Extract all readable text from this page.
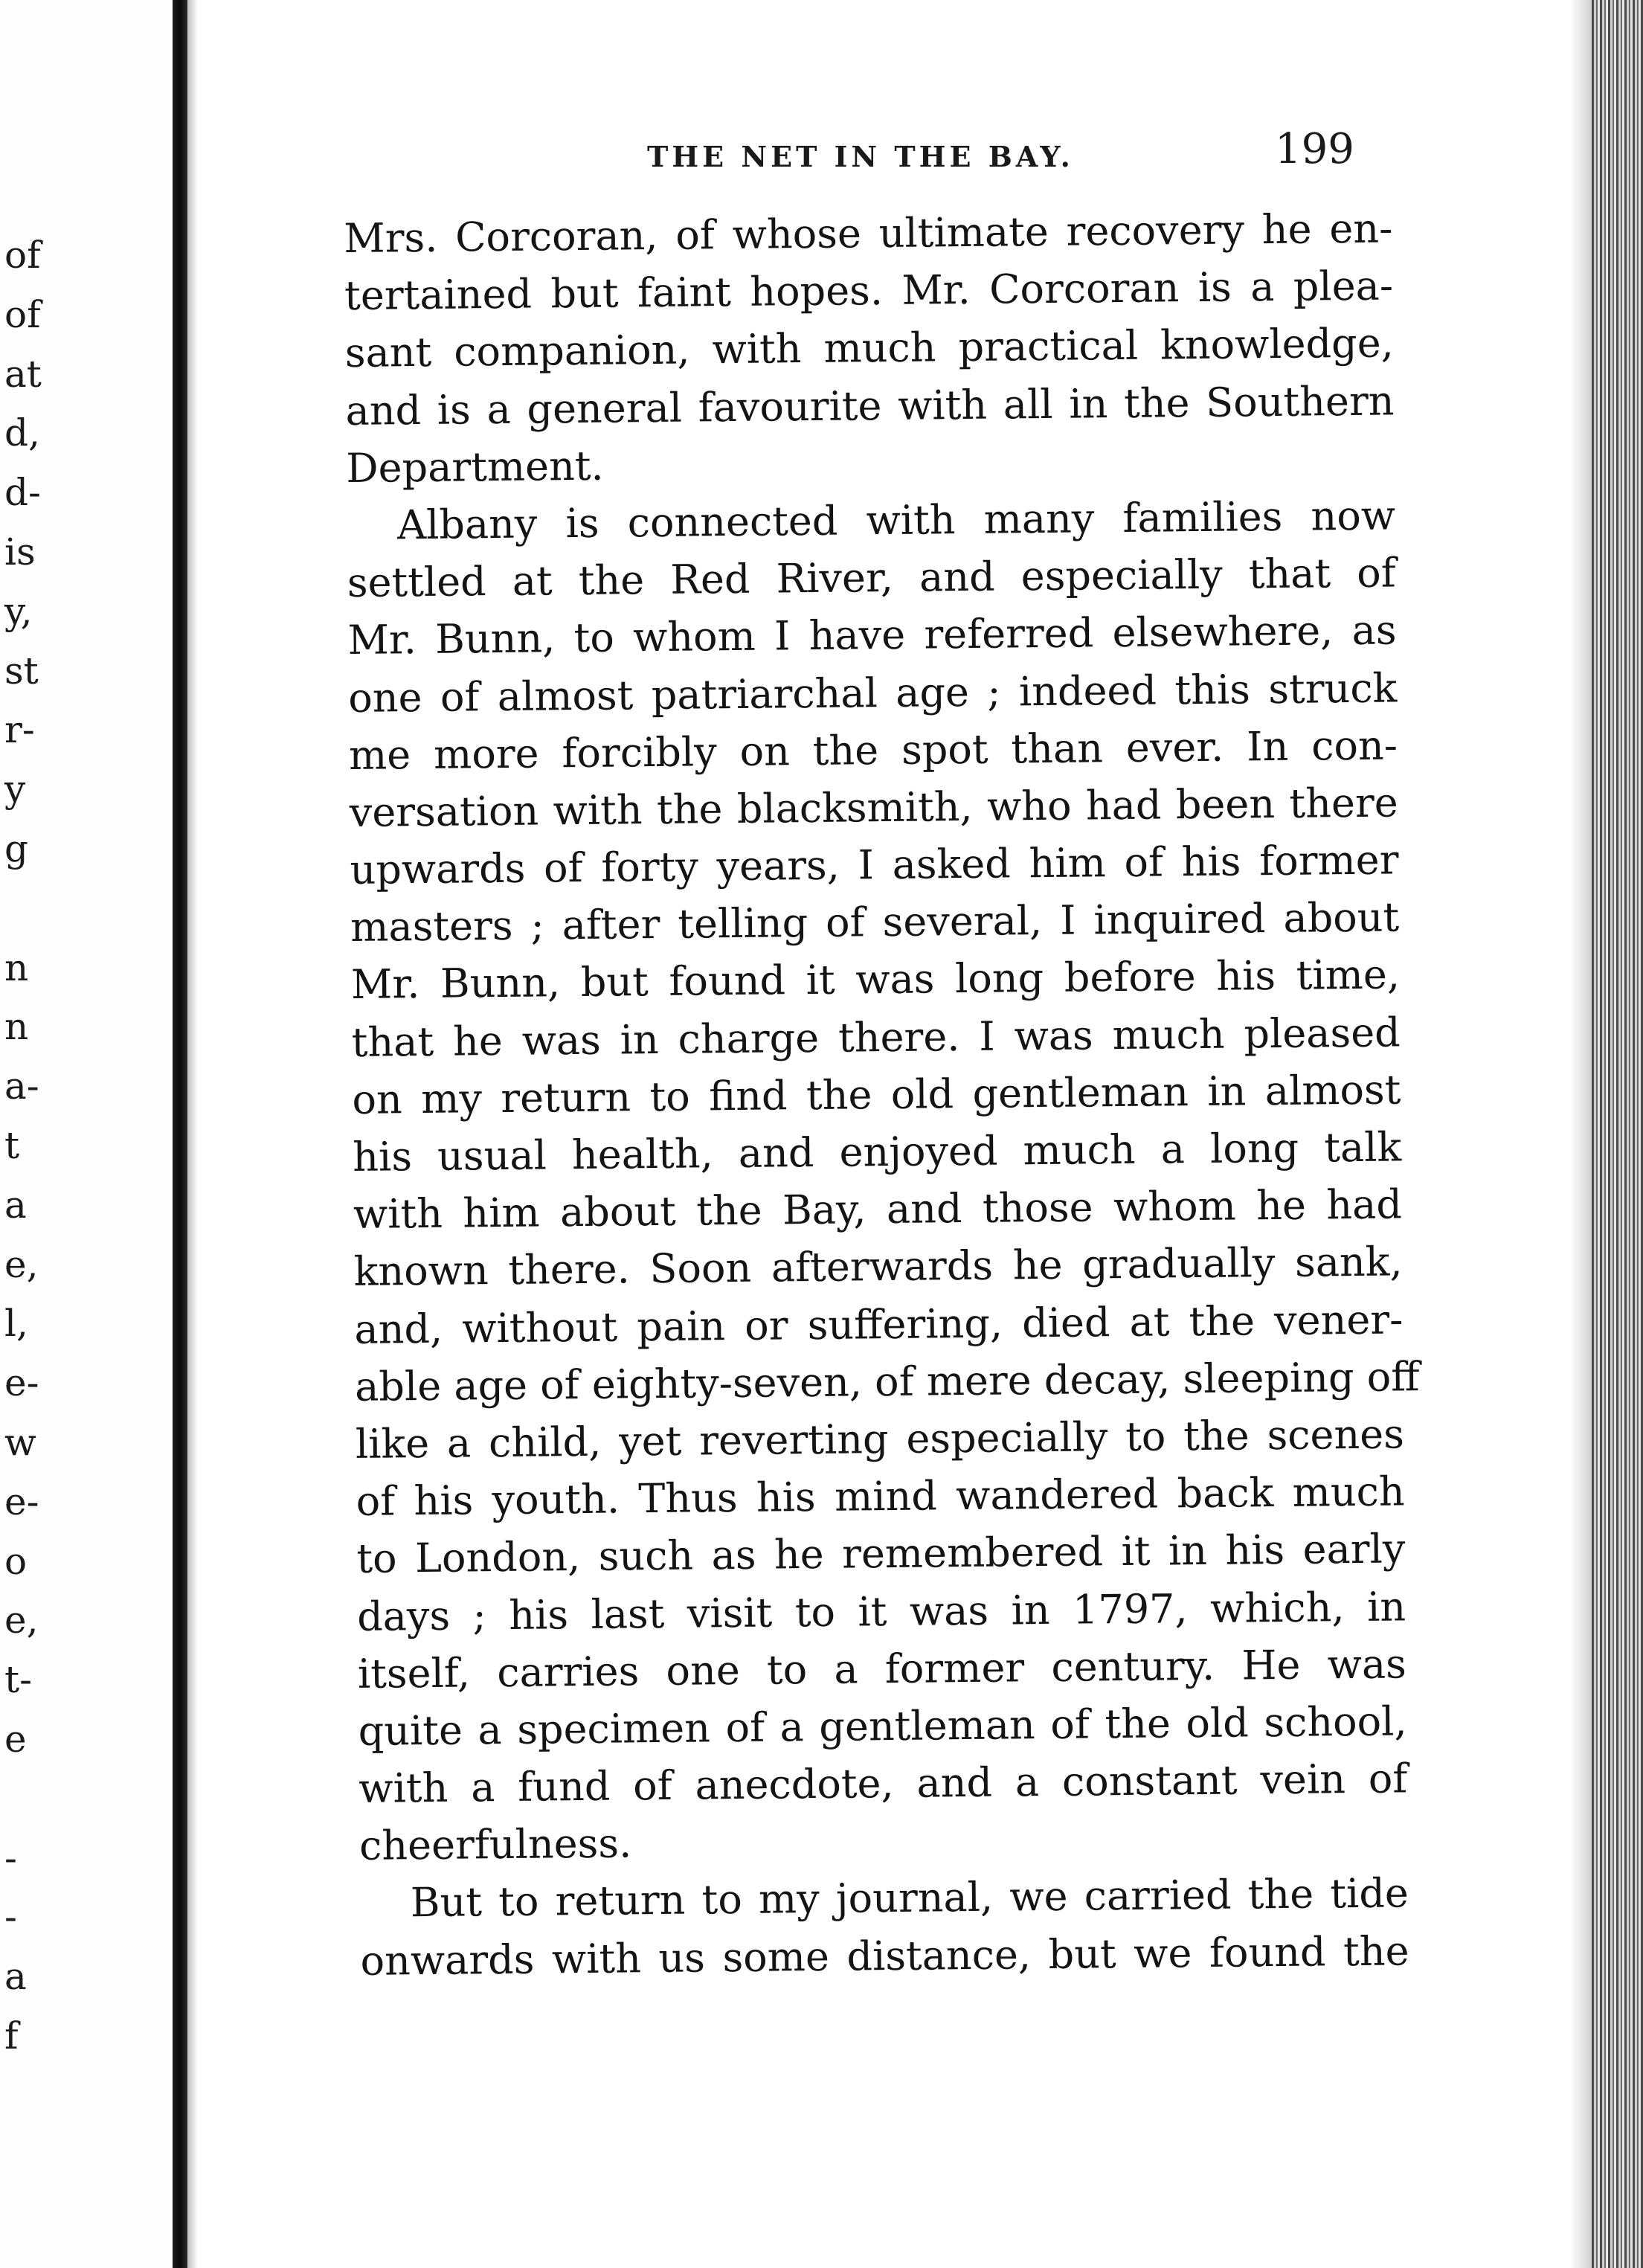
of
of
at
d,
d-
is
y,
st
r-
y
g
n
n
a-
t
a
e,
l,
e-
w
e-
o
e,
t-
e
-
-
a
f
THE NET IN THE BAY.	199
Mrs. Corcoran, of whose ultimate recovery he en-
tertained but faint hopes. Mr. Corcoran is a plea-
sant companion, with much practical knowledge,
and is a general favourite with all in the Southern
Department.
Albany is connected with many families now
settled at the Red River, and especially that of
Mr. Bunn, to whom I have referred elsewhere, as
one of almost patriarchal age ; indeed this struck
me more forcibly on the spot than ever. In con-
versation with the blacksmith, who had been there
upwards of forty years, I asked him of his former
masters ; after telling of several, I inquired about
Mr. Bunn, but found it was long before his time,
that he was in charge there. I was much pleased
on my return to find the old gentleman in almost
his usual health, and enjoyed much a long talk
with him about the Bay, and those whom he had
known there. Soon afterwards he gradually sank,
and, without pain or suffering, died at the vener-
able age of eighty-seven, of mere decay, sleeping off
like a child, yet reverting especially to the scenes
of his youth. Thus his mind wandered back much
to London, such as he remembered it in his early
days ; his last visit to it was in 1797, which, in
itself, carries one to a former century. He was
quite a specimen of a gentleman of the old school,
with a fund of anecdote, and a constant vein of
cheerfulness.
But to return to my journal, we carried the tide
onwards with us some distance, but we found the
